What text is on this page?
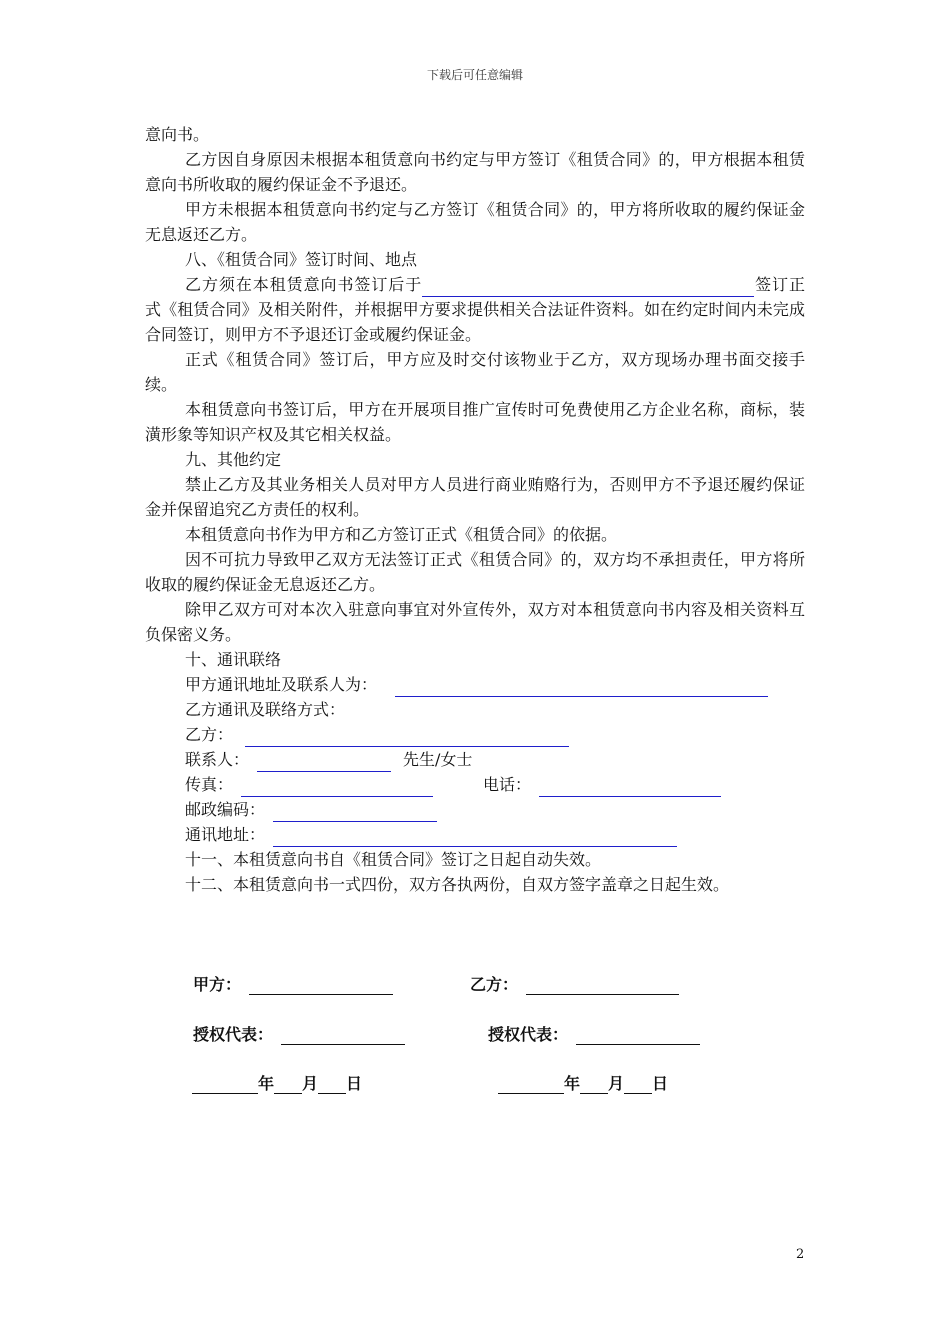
下载后可任意编辑

意向书。

乙方因自身原因未根据本租赁意向书约定与甲方签订《租赁合同》的，甲方根据本租赁意向书所收取的履约保证金不予退还。

甲方未根据本租赁意向书约定与乙方签订《租赁合同》的，甲方将所收取的履约保证金无息返还乙方。

八、《租赁合同》签订时间、地点

乙方须在本租赁意向书签订后于	签订正式《租赁合同》及相关附件，并根据甲方要求提供相关合法证件资料。如在约定时间内未完成合同签订，则甲方不予退还订金或履约保证金。

正式《租赁合同》签订后，甲方应及时交付该物业于乙方，双方现场办理书面交接手续。

本租赁意向书签订后，甲方在开展项目推广宣传时可免费使用乙方企业名称，商标，装潢形象等知识产权及其它相关权益。

九、其他约定

禁止乙方及其业务相关人员对甲方人员进行商业贿赂行为，否则甲方不予退还履约保证金并保留追究乙方责任的权利。

本租赁意向书作为甲方和乙方签订正式《租赁合同》的依据。

因不可抗力导致甲乙双方无法签订正式《租赁合同》的，双方均不承担责任，甲方将所收取的履约保证金无息返还乙方。

除甲乙双方可对本次入驻意向事宜对外宣传外，双方对本租赁意向书内容及相关资料互负保密义务。

十、通讯联络

甲方通讯地址及联系人为：

乙方通讯及联络方式：

乙方：

联系人：	先生/女士

传真：	电话：

邮政编码：

通讯地址：

十一、本租赁意向书自《租赁合同》签订之日起自动失效。

十二、本租赁意向书一式四份，双方各执两份，自双方签字盖章之日起生效。

甲方：	乙方：
授权代表：	授权代表：
年 月 日	年 月 日
2
